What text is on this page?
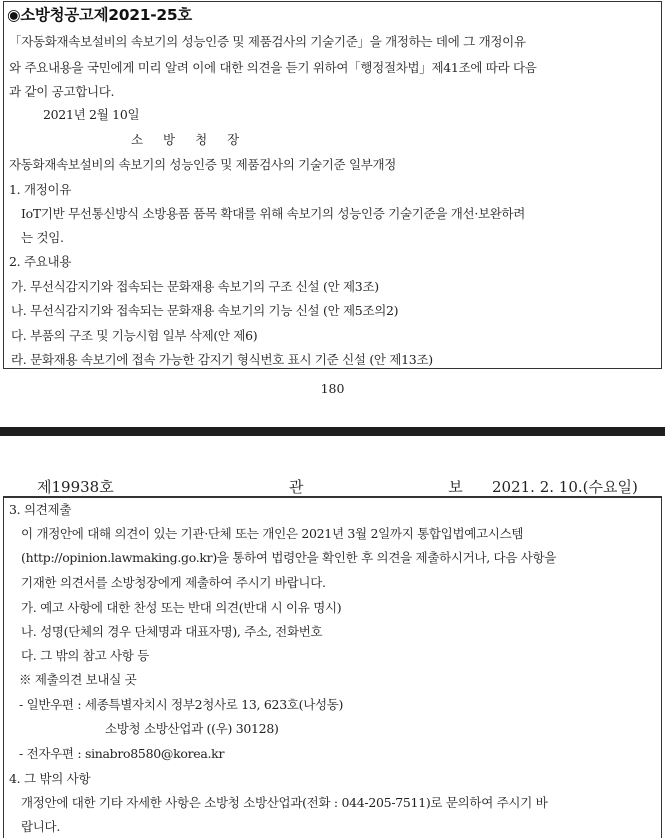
◉소방청공고제2021-25호
「자동화재속보설비의 속보기의 성능인증 및 제품검사의 기술기준」을 개정하는 데에 그 개정이유
와 주요내용을 국민에게 미리 알려 이에 대한 의견을 듣기 위하여「행정절차법」제41조에 따라 다음
과 같이 공고합니다.
2021년 2월 10일
소 방 청 장
자동화재속보설비의 속보기의 성능인증 및 제품검사의 기술기준 일부개정
1. 개정이유
IoT기반 무선통신방식 소방용품 품목 확대를 위해 속보기의 성능인증 기술기준을 개선·보완하려
는 것임.
2. 주요내용
가. 무선식감지기와 접속되는 문화재용 속보기의 구조 신설 (안 제3조)
나. 무선식감지기와 접속되는 문화재용 속보기의 기능 신설 (안 제5조의2)
다. 부품의 구조 및 기능시험 일부 삭제(안 제6)
라. 문화재용 속보기에 접속 가능한 감지기 형식번호 표시 기준 신설 (안 제13조)
180
제19938호	관 보
2021. 2. 10.(수요일)
3. 의견제출
이 개정안에 대해 의견이 있는 기관·단체 또는 개인은 2021년 3월 2일까지 통합입법예고시스템
(http://opinion.lawmaking.go.kr)을 통하여 법령안을 확인한 후 의견을 제출하시거나, 다음 사항을
기재한 의견서를 소방청장에게 제출하여 주시기 바랍니다.
가. 예고 사항에 대한 찬성 또는 반대 의견(반대 시 이유 명시)
나. 성명(단체의 경우 단체명과 대표자명), 주소, 전화번호
다. 그 밖의 참고 사항 등
※ 제출의견 보내실 곳
- 일반우편 : 세종특별자치시 정부2청사로 13, 623호(나성동)
소방청 소방산업과 ((우) 30128)
- 전자우편 : sinabro8580@korea.kr
4. 그 밖의 사항
개정안에 대한 기타 자세한 사항은 소방청 소방산업과(전화 : 044-205-7511)로 문의하여 주시기 바
랍니다.
